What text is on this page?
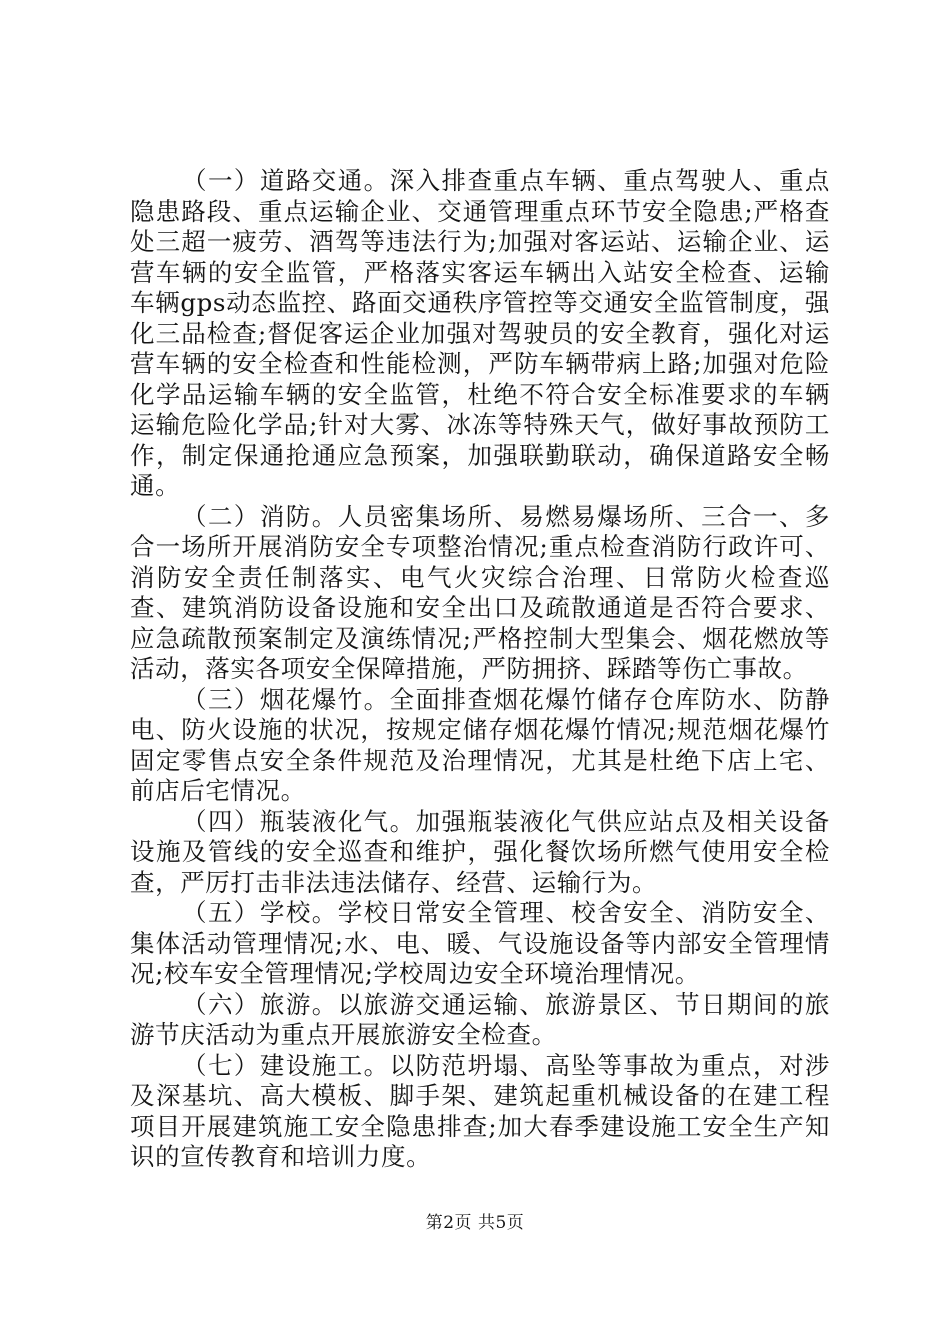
（一）道路交通。深入排查重点车辆、重点驾驶人、重点隐患路段、重点运输企业、交通管理重点环节安全隐患;严格查处三超一疲劳、酒驾等违法行为;加强对客运站、运输企业、运营车辆的安全监管，严格落实客运车辆出入站安全检查、运输车辆gps动态监控、路面交通秩序管控等交通安全监管制度，强化三品检查;督促客运企业加强对驾驶员的安全教育，强化对运营车辆的安全检查和性能检测，严防车辆带病上路;加强对危险化学品运输车辆的安全监管，杜绝不符合安全标准要求的车辆运输危险化学品;针对大雾、冰冻等特殊天气，做好事故预防工作，制定保通抢通应急预案，加强联勤联动，确保道路安全畅通。

（二）消防。人员密集场所、易燃易爆场所、三合一、多合一场所开展消防安全专项整治情况;重点检查消防行政许可、消防安全责任制落实、电气火灾综合治理、日常防火检查巡查、建筑消防设备设施和安全出口及疏散通道是否符合要求、应急疏散预案制定及演练情况;严格控制大型集会、烟花燃放等活动，落实各项安全保障措施，严防拥挤、踩踏等伤亡事故。

（三）烟花爆竹。全面排查烟花爆竹储存仓库防水、防静电、防火设施的状况，按规定储存烟花爆竹情况;规范烟花爆竹固定零售点安全条件规范及治理情况，尤其是杜绝下店上宅、前店后宅情况。

（四）瓶装液化气。加强瓶装液化气供应站点及相关设备设施及管线的安全巡查和维护，强化餐饮场所燃气使用安全检查，严厉打击非法违法储存、经营、运输行为。

（五）学校。学校日常安全管理、校舍安全、消防安全、集体活动管理情况;水、电、暖、气设施设备等内部安全管理情况;校车安全管理情况;学校周边安全环境治理情况。

（六）旅游。以旅游交通运输、旅游景区、节日期间的旅游节庆活动为重点开展旅游安全检查。

（七）建设施工。以防范坍塌、高坠等事故为重点，对涉及深基坑、高大模板、脚手架、建筑起重机械设备的在建工程项目开展建筑施工安全隐患排查;加大春季建设施工安全生产知识的宣传教育和培训力度。

第2页 共5页
